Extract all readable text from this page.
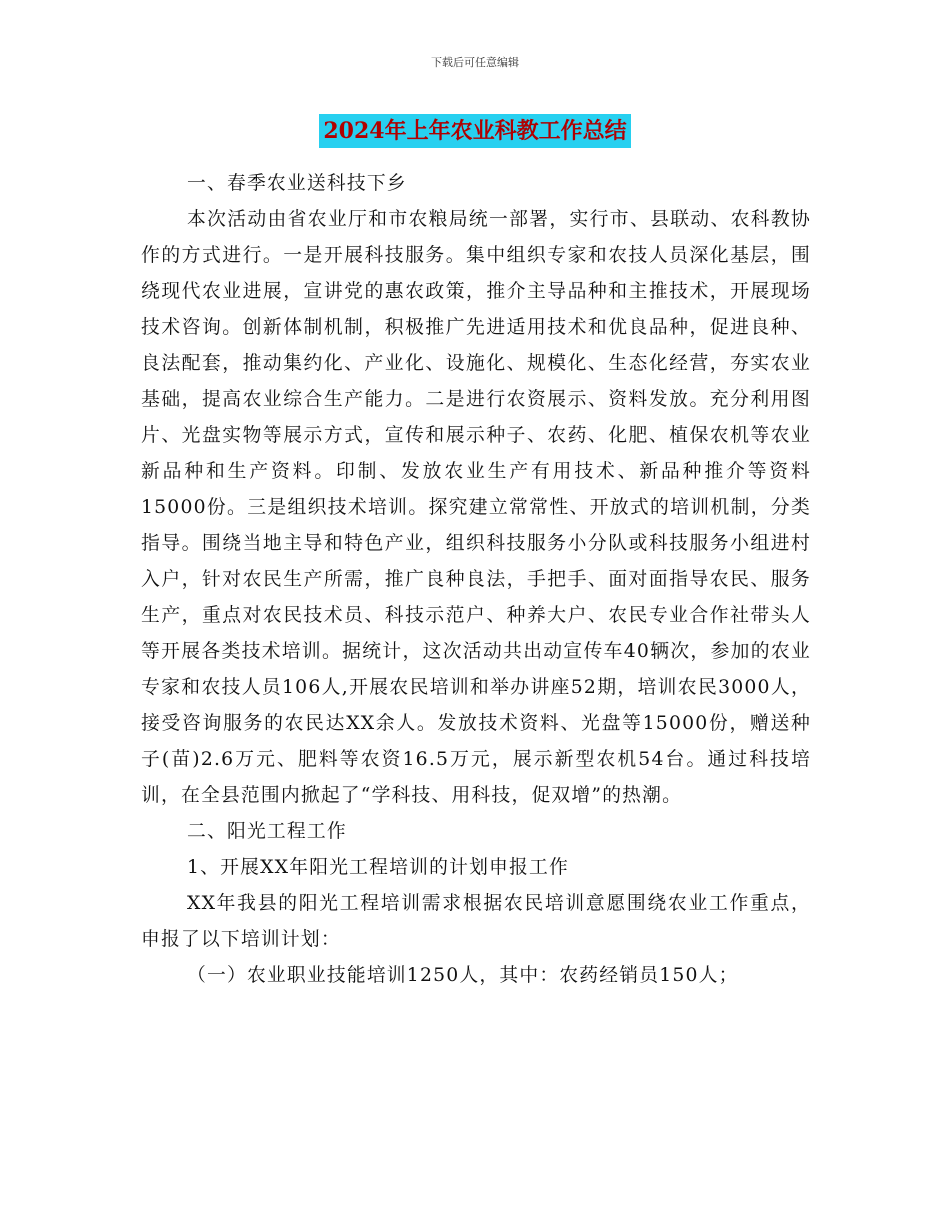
下载后可任意编辑
2024年上年农业科教工作总结

一、春季农业送科技下乡

本次活动由省农业厅和市农粮局统一部署，实行市、县联动、农科教协作的方式进行。一是开展科技服务。集中组织专家和农技人员深化基层，围绕现代农业进展，宣讲党的惠农政策，推介主导品种和主推技术，开展现场技术咨询。创新体制机制，积极推广先进适用技术和优良品种，促进良种、良法配套，推动集约化、产业化、设施化、规模化、生态化经营，夯实农业基础，提高农业综合生产能力。二是进行农资展示、资料发放。充分利用图片、光盘实物等展示方式，宣传和展示种子、农药、化肥、植保农机等农业新品种和生产资料。印制、发放农业生产有用技术、新品种推介等资料15000份。三是组织技术培训。探究建立常常性、开放式的培训机制，分类指导。围绕当地主导和特色产业，组织科技服务小分队或科技服务小组进村入户，针对农民生产所需，推广良种良法，手把手、面对面指导农民、服务生产，重点对农民技术员、科技示范户、种养大户、农民专业合作社带头人等开展各类技术培训。据统计，这次活动共出动宣传车40辆次，参加的农业专家和农技人员106人,开展农民培训和举办讲座52期，培训农民3000人，接受咨询服务的农民达XX余人。发放技术资料、光盘等15000份，赠送种子(苗)2.6万元、肥料等农资16.5万元，展示新型农机54台。通过科技培训，在全县范围内掀起了“学科技、用科技，促双增”的热潮。

二、阳光工程工作

1、开展XX年阳光工程培训的计划申报工作

XX年我县的阳光工程培训需求根据农民培训意愿围绕农业工作重点，申报了以下培训计划：

（一）农业职业技能培训1250人，其中：农药经销员150人；
